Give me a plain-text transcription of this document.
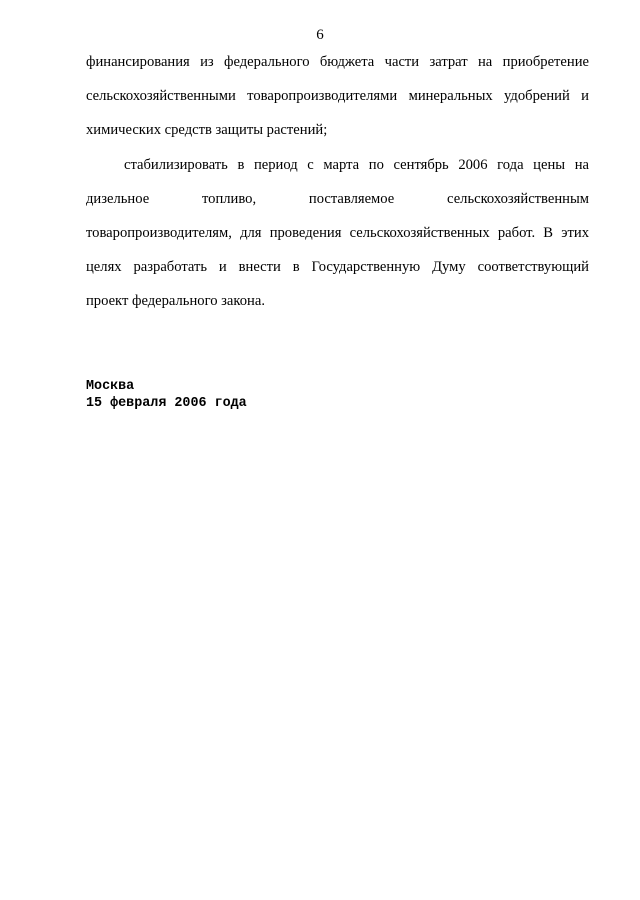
6
финансирования из федерального бюджета части затрат на приобретение
сельскохозяйственными товаропроизводителями минеральных удобрений и
химических средств защиты растений;
стабилизировать в период с марта по сентябрь 2006 года цены на
дизельное топливо, поставляемое сельскохозяйственным
товаропроизводителям, для проведения сельскохозяйственных работ. В этих
целях разработать и внести в Государственную Думу соответствующий
проект федерального закона.
Москва
15 февраля 2006 года
